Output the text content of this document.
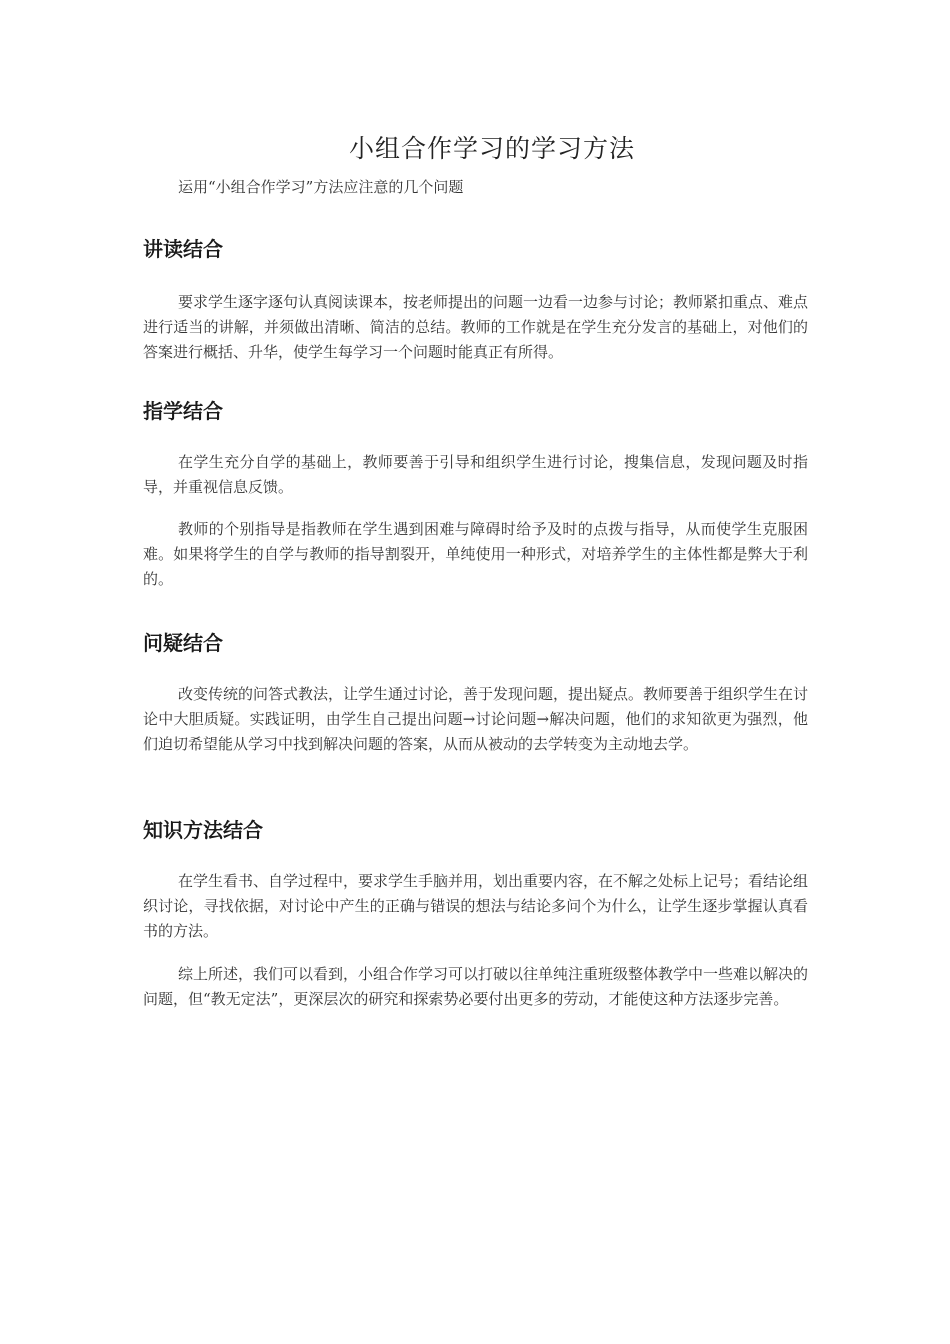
小组合作学习的学习方法
运用“小组合作学习”方法应注意的几个问题
讲读结合

要求学生逐字逐句认真阅读课本，按老师提出的问题一边看一边参与讨论；教师紧扣重点、难点进行适当的讲解，并须做出清晰、简洁的总结。教师的工作就是在学生充分发言的基础上，对他们的答案进行概括、升华，使学生每学习一个问题时能真正有所得。

指学结合

在学生充分自学的基础上，教师要善于引导和组织学生进行讨论，搜集信息，发现问题及时指导，并重视信息反馈。

教师的个别指导是指教师在学生遇到困难与障碍时给予及时的点拨与指导，从而使学生克服困难。如果将学生的自学与教师的指导割裂开，单纯使用一种形式，对培养学生的主体性都是弊大于利的。

问疑结合

改变传统的问答式教法，让学生通过讨论，善于发现问题，提出疑点。教师要善于组织学生在讨论中大胆质疑。实践证明，由学生自己提出问题→讨论问题→解决问题，他们的求知欲更为强烈，他们迫切希望能从学习中找到解决问题的答案，从而从被动的去学转变为主动地去学。

知识方法结合

在学生看书、自学过程中，要求学生手脑并用，划出重要内容，在不解之处标上记号；看结论组织讨论，寻找依据，对讨论中产生的正确与错误的想法与结论多问个为什么，让学生逐步掌握认真看书的方法。

综上所述，我们可以看到，小组合作学习可以打破以往单纯注重班级整体教学中一些难以解决的问题，但“教无定法”，更深层次的研究和探索势必要付出更多的劳动，才能使这种方法逐步完善。
